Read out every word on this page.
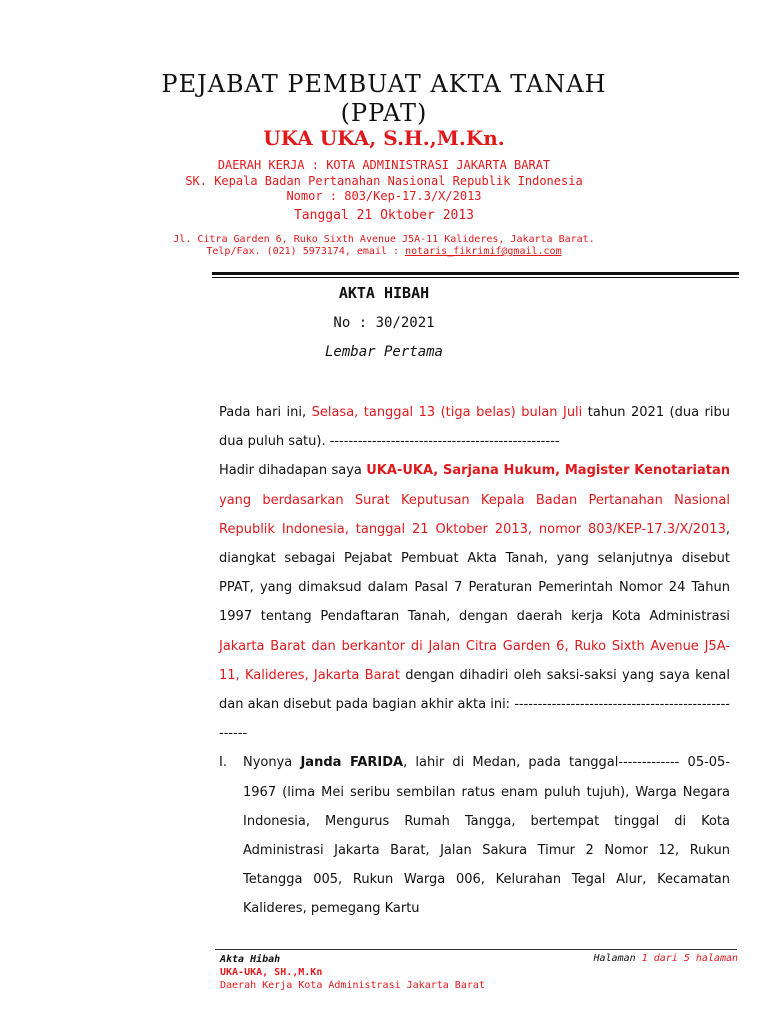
PEJABAT PEMBUAT AKTA TANAH
(PPAT)
UKA UKA, S.H.,M.Kn.
DAERAH KERJA : KOTA ADMINISTRASI JAKARTA BARAT
SK. Kepala Badan Pertanahan Nasional Republik Indonesia
Nomor : 803/Kep-17.3/X/2013
Tanggal 21 Oktober 2013
Jl. Citra Garden 6, Ruko Sixth Avenue J5A-11 Kalideres, Jakarta Barat.
Telp/Fax. (021) 5973174, email : notaris_fikrimif@gmail.com
AKTA HIBAH
No : 30/2021
Lembar Pertama

Pada hari ini, Selasa, tanggal 13 (tiga belas) bulan Juli tahun 2021 (dua ribu dua puluh satu). -------------------------------------------------

Hadir dihadapan saya UKA-UKA, Sarjana Hukum, Magister Kenotariatan yang berdasarkan Surat Keputusan Kepala Badan Pertanahan Nasional Republik Indonesia, tanggal 21 Oktober 2013, nomor 803/KEP-17.3/X/2013, diangkat sebagai Pejabat Pembuat Akta Tanah, yang selanjutnya disebut PPAT, yang dimaksud dalam Pasal 7 Peraturan Pemerintah Nomor 24 Tahun 1997 tentang Pendaftaran Tanah, dengan daerah kerja Kota Administrasi Jakarta Barat dan berkantor di Jalan Citra Garden 6, Ruko Sixth Avenue J5A-11, Kalideres, Jakarta Barat dengan dihadiri oleh saksi-saksi yang saya kenal dan akan disebut pada bagian akhir akta ini: ----------------------------------------------------

I. Nyonya Janda FARIDA, lahir di Medan, pada tanggal------------- 05-05-1967 (lima Mei seribu sembilan ratus enam puluh tujuh), Warga Negara Indonesia, Mengurus Rumah Tangga, bertempat tinggal di Kota Administrasi Jakarta Barat, Jalan Sakura Timur 2 Nomor 12, Rukun Tetangga 005, Rukun Warga 006, Kelurahan Tegal Alur, Kecamatan Kalideres, pemegang Kartu

Akta Hibah
UKA-UKA, SH.,M.Kn
Daerah Kerja Kota Administrasi Jakarta Barat
Halaman 1 dari 5 halaman
